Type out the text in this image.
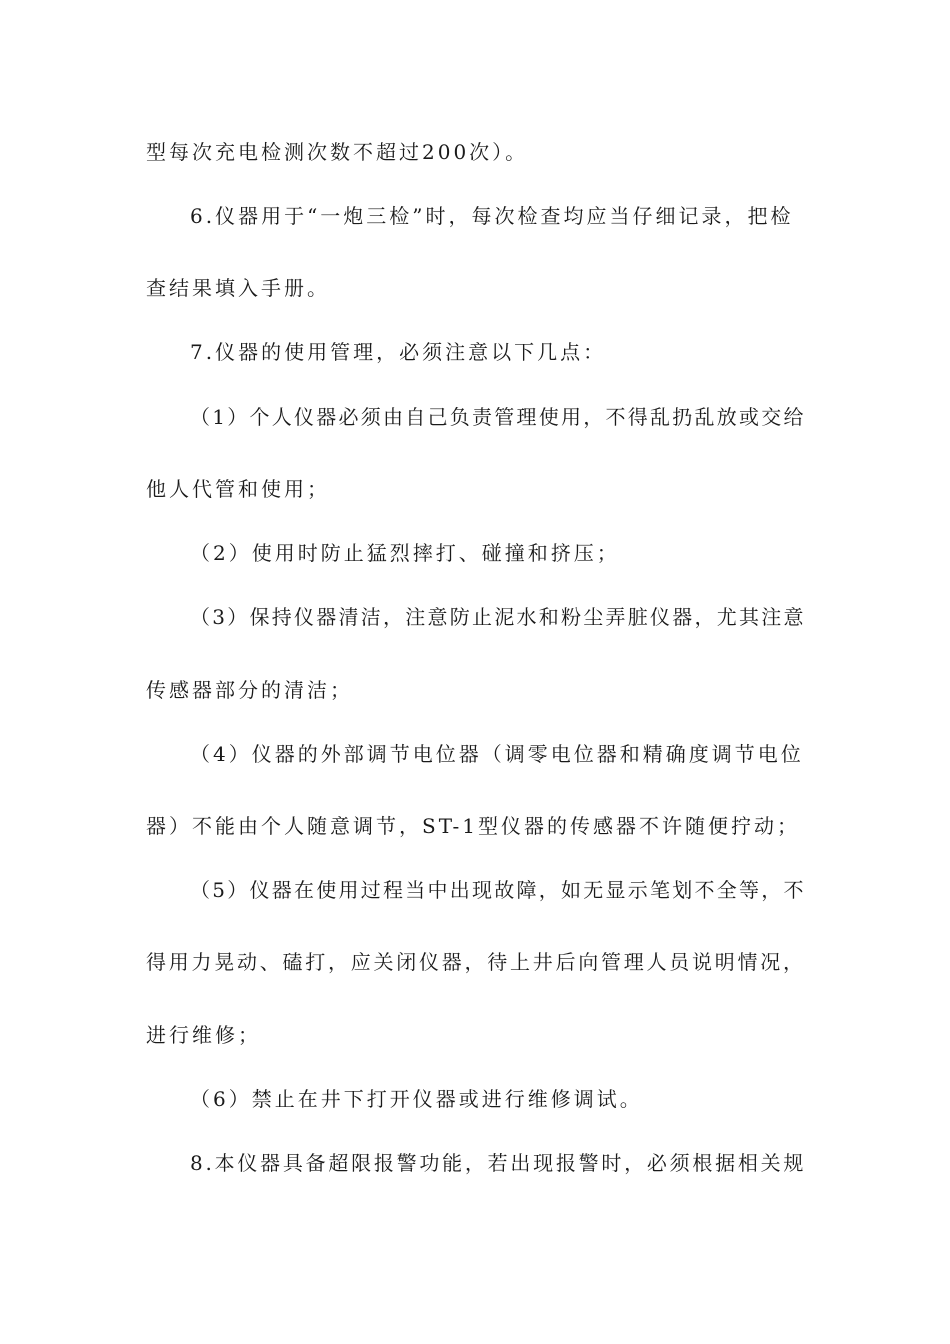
型每次充电检测次数不超过200次）。
6.仪器用于“一炮三检”时，每次检查均应当仔细记录，把检
查结果填入手册。
7.仪器的使用管理，必须注意以下几点：
（1）个人仪器必须由自己负责管理使用，不得乱扔乱放或交给
他人代管和使用；
（2）使用时防止猛烈摔打、碰撞和挤压；
（3）保持仪器清洁，注意防止泥水和粉尘弄脏仪器，尤其注意
传感器部分的清洁；
（4）仪器的外部调节电位器（调零电位器和精确度调节电位
器）不能由个人随意调节，ST-1型仪器的传感器不许随便拧动；
（5）仪器在使用过程当中出现故障，如无显示笔划不全等，不
得用力晃动、磕打，应关闭仪器，待上井后向管理人员说明情况，
进行维修；
（6）禁止在井下打开仪器或进行维修调试。
8.本仪器具备超限报警功能，若出现报警时，必须根据相关规
